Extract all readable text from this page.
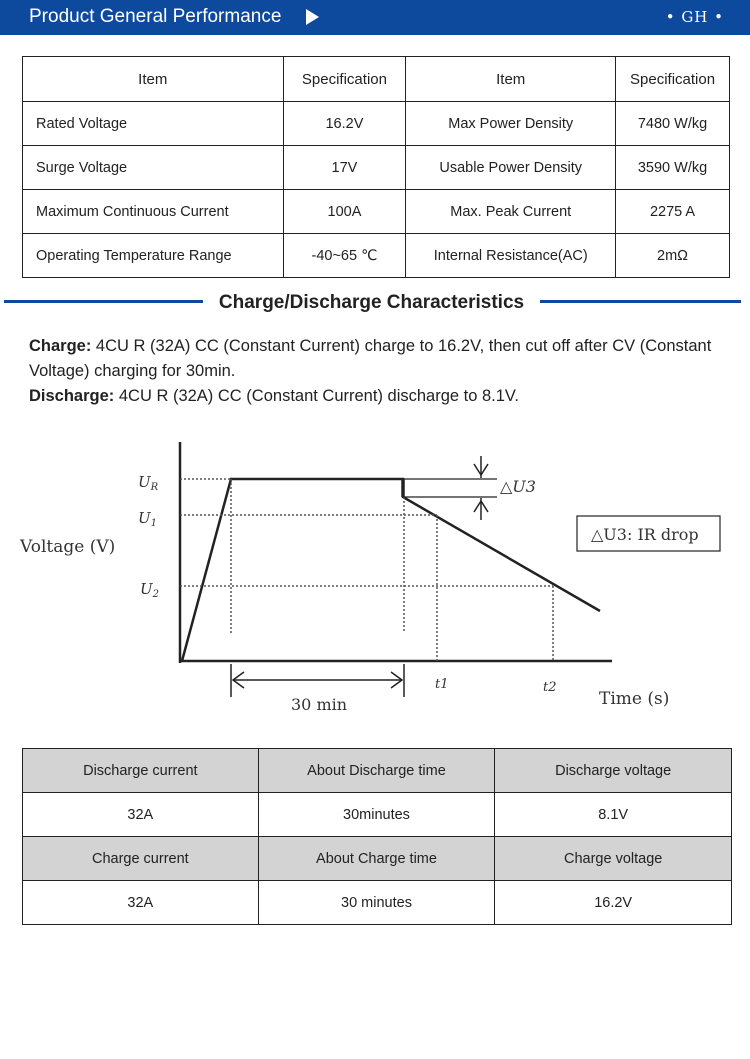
Product General Performance	• GH •
Item	Specification	Item	Specification
Rated Voltage	16.2V	Max Power Density	7480 W/kg
Surge Voltage	17V	Usable Power Density	3590 W/kg
Maximum Continuous Current	100A	Max. Peak Current	2275 A
Operating Temperature Range	-40~65 ℃	Internal Resistance(AC)	2mΩ
Charge/Discharge Characteristics
Charge: 4CU R (32A) CC (Constant Current) charge to 16.2V, then cut off after CV (Constant Voltage) charging for 30min.
Discharge: 4CU R (32A) CC (Constant Current) discharge to 8.1V.
Voltage (V)
Time (s)
30 min
$U_R$
$U_1$
$U_2$
t1	t2
△U3
△U3: IR drop
Discharge current	About Discharge time	Discharge voltage
32A	30minutes	8.1V
Charge current	About Charge time	Charge voltage
32A	30 minutes	16.2V
